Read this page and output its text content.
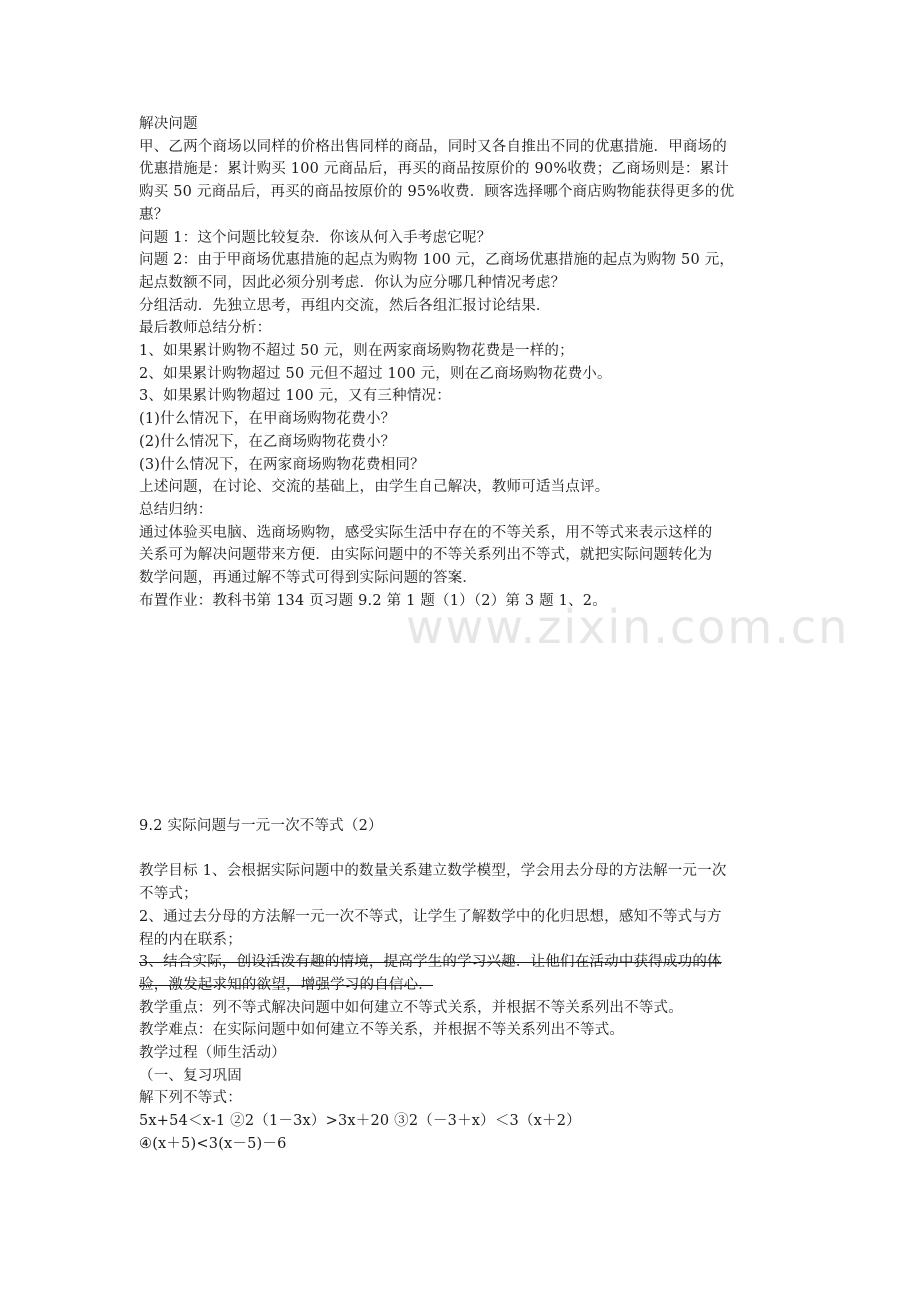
www.zixin.com.cn
解决问题
甲、乙两个商场以同样的价格出售同样的商品，同时又各自推出不同的优惠措施．甲商场的
优惠措施是：累计购买 100 元商品后，再买的商品按原价的 90%收费；乙商场则是：累计
购买 50 元商品后，再买的商品按原价的 95%收费．顾客选择哪个商店购物能获得更多的优
惠？
问题 1：这个问题比较复杂．你该从何入手考虑它呢？
问题 2：由于甲商场优惠措施的起点为购物 100 元，乙商场优惠措施的起点为购物 50 元，
起点数额不同，因此必须分别考虑．你认为应分哪几种情况考虑？
分组活动．先独立思考，再组内交流，然后各组汇报讨论结果．
最后教师总结分析：
1、如果累计购物不超过 50 元，则在两家商场购物花费是一样的；
2、如果累计购物超过 50 元但不超过 100 元，则在乙商场购物花费小。
3、如果累计购物超过 100 元，又有三种情况：
(1)什么情况下，在甲商场购物花费小？
(2)什么情况下，在乙商场购物花费小？
(3)什么情况下，在两家商场购物花费相同？
上述问题，在讨论、交流的基础上，由学生自己解决，教师可适当点评。
总结归纳：
通过体验买电脑、选商场购物，感受实际生活中存在的不等关系，用不等式来表示这样的
关系可为解决问题带来方便．由实际问题中的不等关系列出不等式，就把实际问题转化为
数学问题，再通过解不等式可得到实际问题的答案．
布置作业：教科书第 134 页习题 9.2 第 1 题（1）（2）第 3 题 1、2。
9.2 实际问题与一元一次不等式（2）
教学目标 1、会根据实际问题中的数量关系建立数学模型，学会用去分母的方法解一元一次
不等式；
2、通过去分母的方法解一元一次不等式，让学生了解数学中的化归思想，感知不等式与方
程的内在联系；
3、结合实际，创设活泼有趣的情境，提高学生的学习兴趣．让他们在活动中获得成功的体
验，激发起求知的欲望，增强学习的自信心．
教学重点：列不等式解决问题中如何建立不等式关系，并根据不等关系列出不等式。
教学难点：在实际问题中如何建立不等关系，并根据不等关系列出不等式。
教学过程（师生活动）
（一、复习巩固
解下列不等式：
5x+54＜x-1 ②2（1－3x）>3x＋20 ③2（－3＋x）＜3（x＋2）
④(x＋5)<3(x－5)－6
